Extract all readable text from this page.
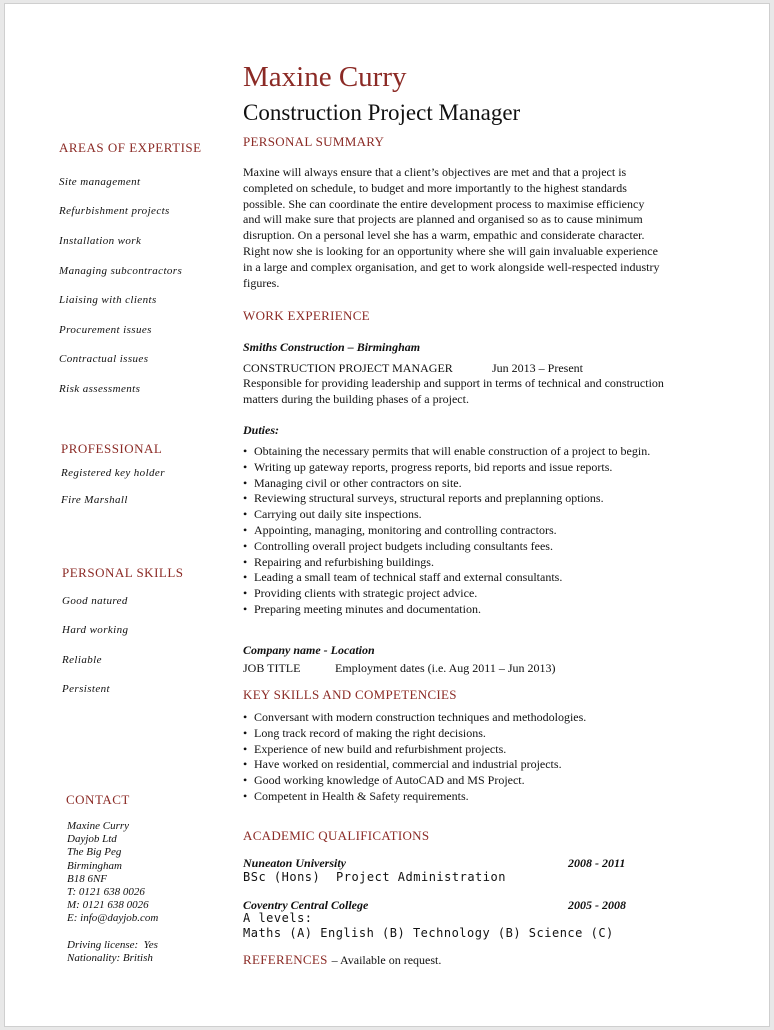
Maxine Curry
Construction Project Manager
AREAS OF EXPERTISE
Site management
Refurbishment projects
Installation work
Managing subcontractors
Liaising with clients
Procurement issues
Contractual issues
Risk assessments
PROFESSIONAL
Registered key holder
Fire Marshall
PERSONAL SKILLS
Good natured
Hard working
Reliable
Persistent
CONTACT
Maxine Curry
Dayjob Ltd
The Big Peg
Birmingham
B18 6NF
T: 0121 638 0026
M: 0121 638 0026
E: info@dayjob.com
Driving license:  Yes
Nationality: British
PERSONAL SUMMARY
Maxine will always ensure that a client’s objectives are met and that a project is
completed on schedule, to budget and more importantly to the highest standards
possible. She can coordinate the entire development process to maximise efficiency
and will make sure that projects are planned and organised so as to cause minimum
disruption. On a personal level she has a warm, empathic and considerate character.
Right now she is looking for an opportunity where she will gain invaluable experience
in a large and complex organisation, and get to work alongside well-respected industry
figures.
WORK EXPERIENCE
Smiths Construction – Birmingham
CONSTRUCTION PROJECT MANAGER	Jun 2013 – Present
Responsible for providing leadership and support in terms of technical and construction
matters during the building phases of a project.
Duties:
• Obtaining the necessary permits that will enable construction of a project to begin.
• Writing up gateway reports, progress reports, bid reports and issue reports.
• Managing civil or other contractors on site.
• Reviewing structural surveys, structural reports and preplanning options.
• Carrying out daily site inspections.
• Appointing, managing, monitoring and controlling contractors.
• Controlling overall project budgets including consultants fees.
• Repairing and refurbishing buildings.
• Leading a small team of technical staff and external consultants.
• Providing clients with strategic project advice.
• Preparing meeting minutes and documentation.
Company name - Location
JOB TITLE	Employment dates (i.e. Aug 2011 – Jun 2013)
KEY SKILLS AND COMPETENCIES
• Conversant with modern construction techniques and methodologies.
• Long track record of making the right decisions.
• Experience of new build and refurbishment projects.
• Have worked on residential, commercial and industrial projects.
• Good working knowledge of AutoCAD and MS Project.
• Competent in Health & Safety requirements.
ACADEMIC QUALIFICATIONS
Nuneaton University	2008 - 2011
BSc (Hons) Project Administration
Coventry Central College	2005 - 2008
A levels:
Maths (A) English (B) Technology (B) Science (C)
REFERENCES – Available on request.
